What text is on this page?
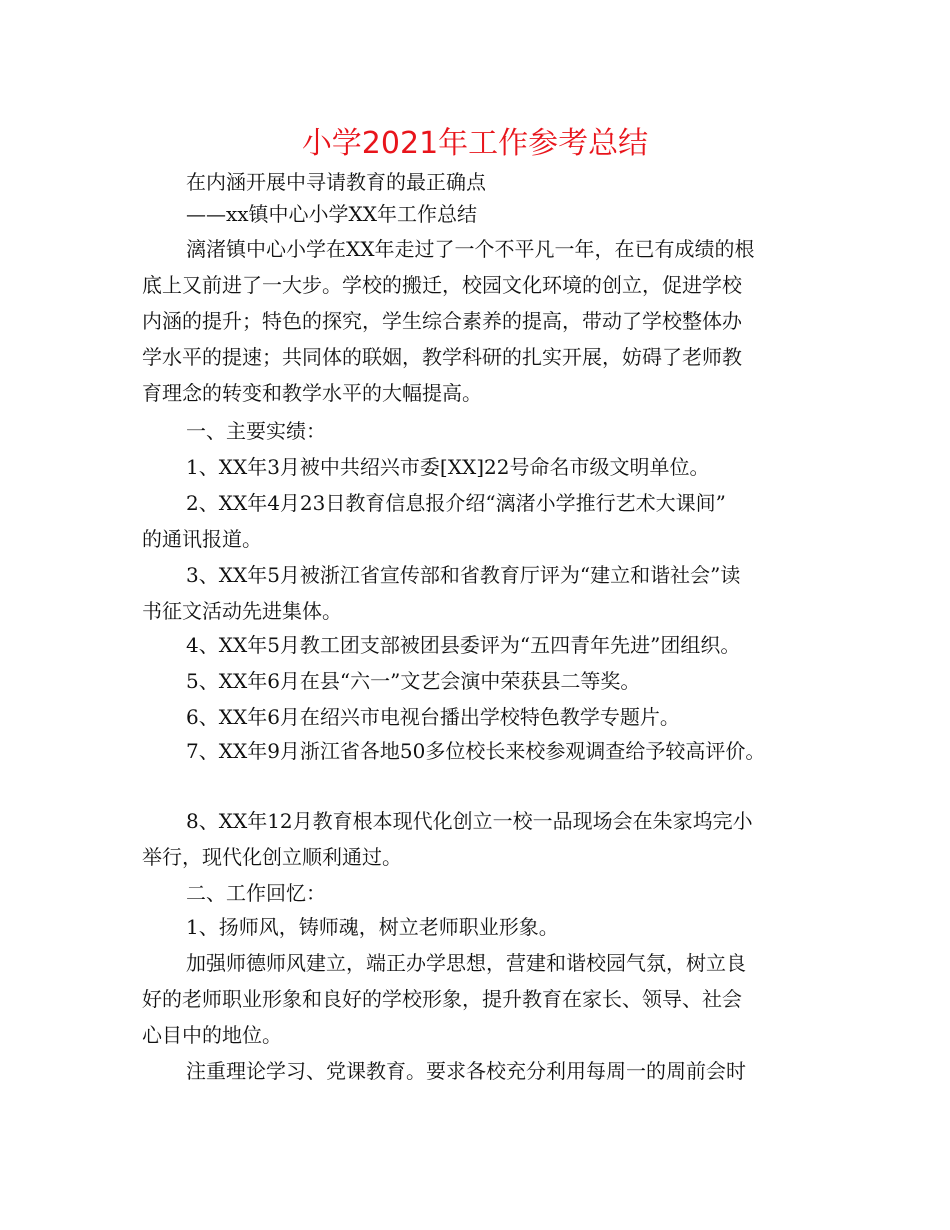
小学2021年工作参考总结

在内涵开展中寻请教育的最正确点

——xx镇中心小学XX年工作总结

漓渚镇中心小学在XX年走过了一个不平凡一年，在已有成绩的根

底上又前进了一大步。学校的搬迁，校园文化环境的创立，促进学校

内涵的提升；特色的探究，学生综合素养的提高，带动了学校整体办

学水平的提速；共同体的联姻，教学科研的扎实开展，妨碍了老师教

育理念的转变和教学水平的大幅提高。

一、主要实绩：

1、XX年3月被中共绍兴市委[XX]22号命名市级文明单位。

2、XX年4月23日教育信息报介绍“漓渚小学推行艺术大课间”

的通讯报道。

3、XX年5月被浙江省宣传部和省教育厅评为“建立和谐社会”读

书征文活动先进集体。

4、XX年5月教工团支部被团县委评为“五四青年先进”团组织。

5、XX年6月在县“六一”文艺会演中荣获县二等奖。

6、XX年6月在绍兴市电视台播出学校特色教学专题片。

7、XX年9月浙江省各地50多位校长来校参观调查给予较高评价。

8、XX年12月教育根本现代化创立一校一品现场会在朱家坞完小

举行，现代化创立顺利通过。

二、工作回忆：

1、扬师风，铸师魂，树立老师职业形象。

加强师德师风建立，端正办学思想，营建和谐校园气氛，树立良

好的老师职业形象和良好的学校形象，提升教育在家长、领导、社会

心目中的地位。

注重理论学习、党课教育。要求各校充分利用每周一的周前会时
